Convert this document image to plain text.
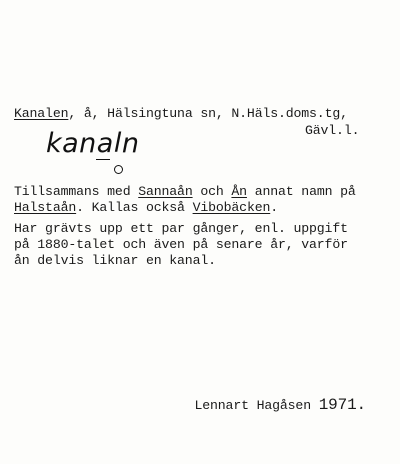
Kanalen, å, Hälsingtuna sn, N.Häls.doms.tg,
Gävl.l.
kanaln
Tillsammans med Sannaån och Ån annat namn på
Halstaån. Kallas också Vibobäcken.
Har grävts upp ett par gånger, enl. uppgift
på 1880-talet och även på senare år, varför
ån delvis liknar en kanal.
Lennart Hagåsen 1971.
